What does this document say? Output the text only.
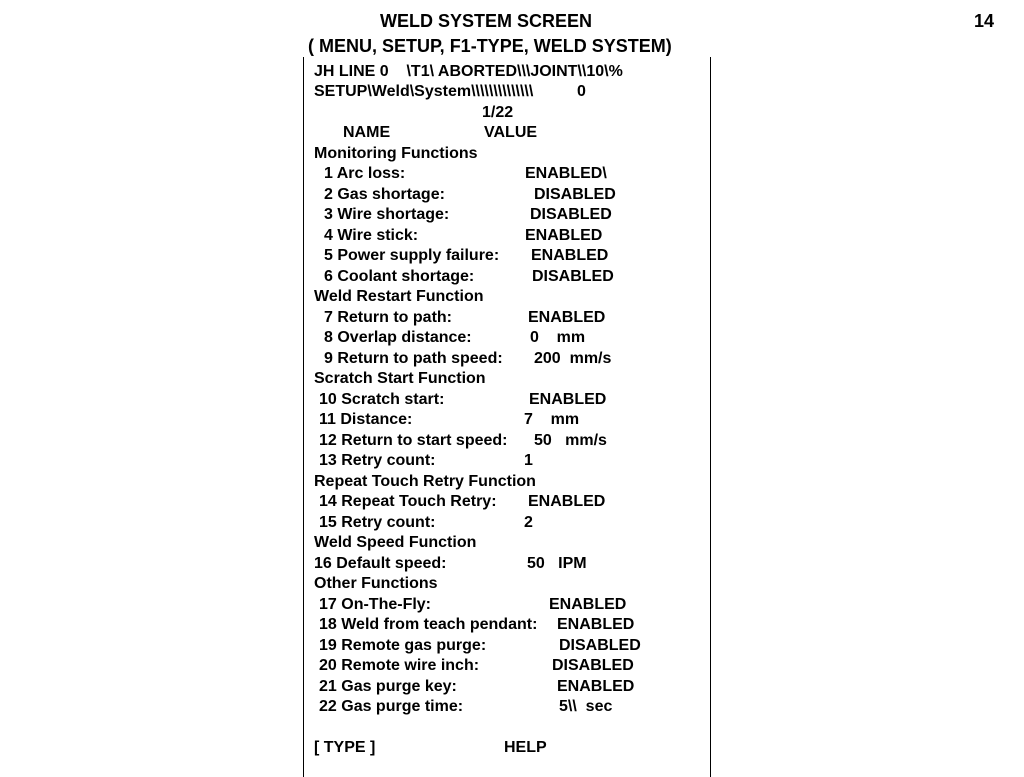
WELD SYSTEM SCREEN
( MENU, SETUP, F1-TYPE, WELD SYSTEM)
14
JH LINE 0    \T1\ ABORTED\\\JOINT\\10\%
SETUP\Weld\System\\\\\\\\\\\\\\	0
1/22
NAME	VALUE
Monitoring Functions
1 Arc loss:	ENABLED\
2 Gas shortage:	DISABLED
3 Wire shortage:	DISABLED
4 Wire stick:	ENABLED
5 Power supply failure: ENABLED
6 Coolant shortage:	DISABLED
Weld Restart Function
7 Return to path:	ENABLED
8 Overlap distance:	0    mm
9 Return to path speed: 200  mm/s
Scratch Start Function
10 Scratch start:	ENABLED
11 Distance:	7    mm
12 Return to start speed: 50   mm/s
13 Retry count:	1
Repeat Touch Retry Function
14 Repeat Touch Retry: ENABLED
15 Retry count:	2
Weld Speed Function
16 Default speed:	50   IPM
Other Functions
17 On-The-Fly:	ENABLED
18 Weld from teach pendant: ENABLED
19 Remote gas purge:	DISABLED
20 Remote wire inch:	DISABLED
21 Gas purge key:	ENABLED
22 Gas purge time:	5\\  sec
[ TYPE ]	HELP
